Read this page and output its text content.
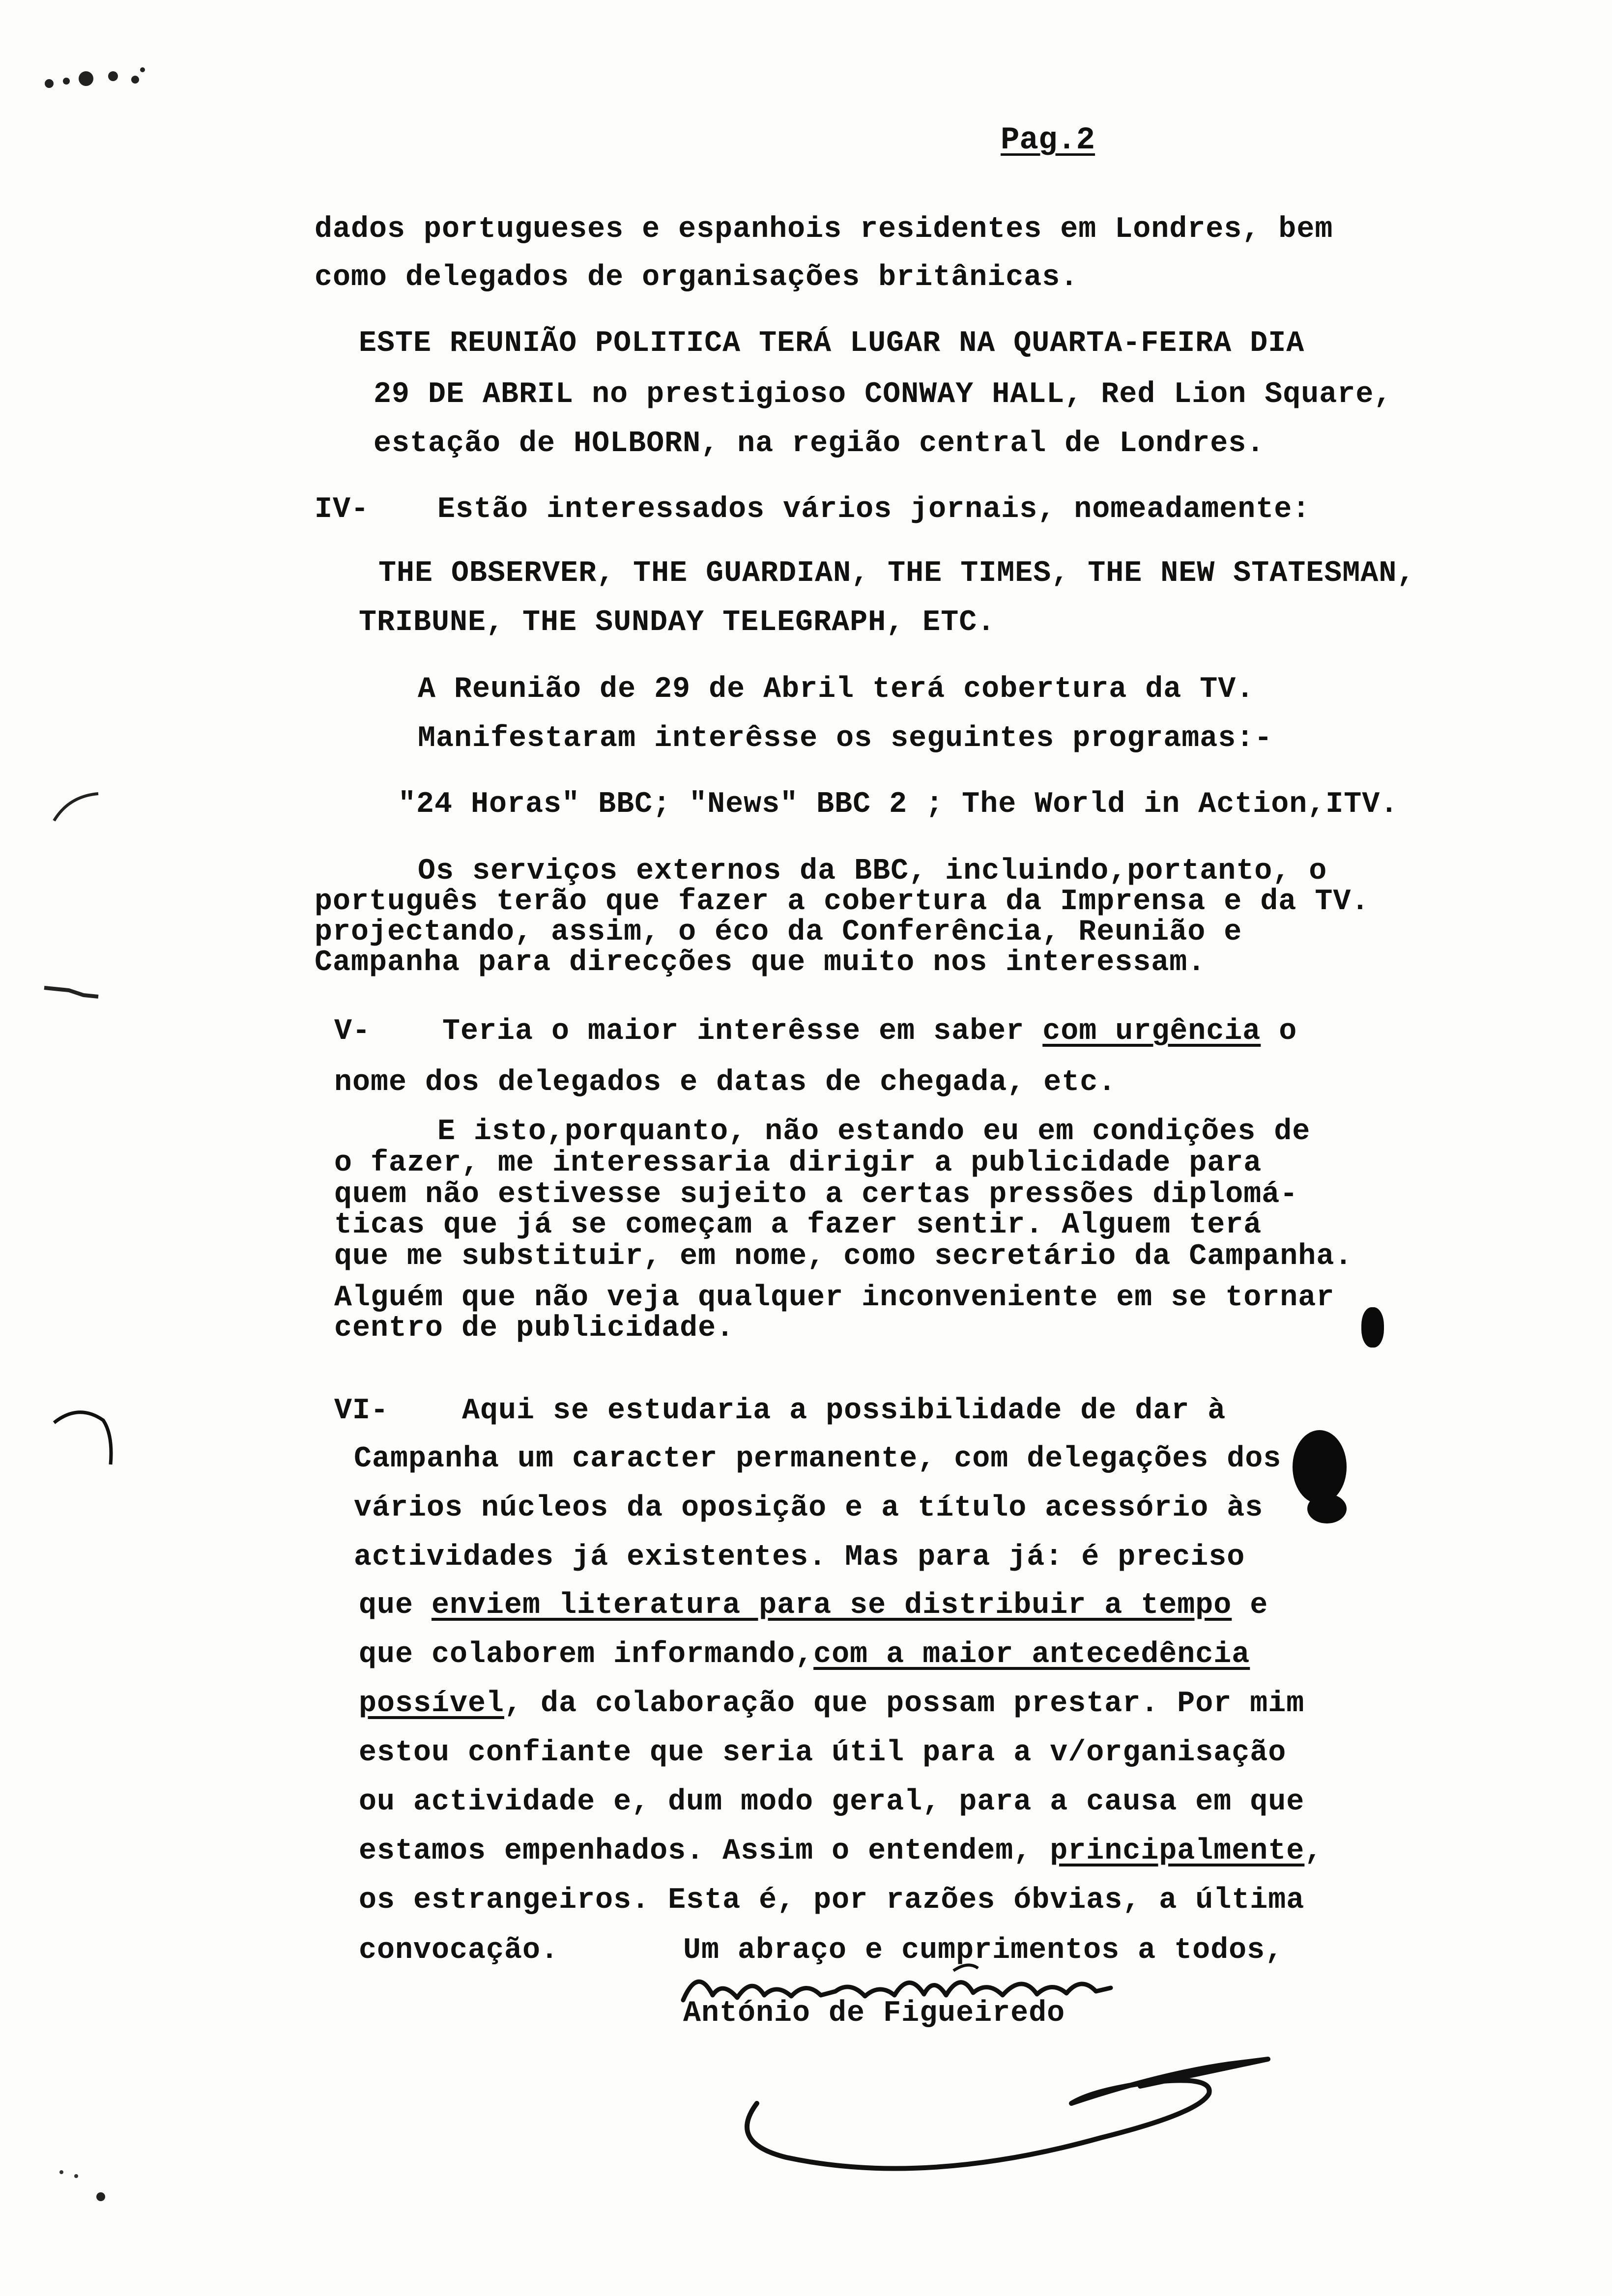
Pag.2
dados portugueses e espanhois residentes em Londres, bem
como delegados de organisações britânicas.
ESTE REUNIÃO POLITICA TERÁ LUGAR NA QUARTA-FEIRA DIA
29 DE ABRIL no prestigioso CONWAY HALL, Red Lion Square,
estação de HOLBORN, na região central de Londres.
IV- Estão interessados vários jornais, nomeadamente:
THE OBSERVER, THE GUARDIAN, THE TIMES, THE NEW STATESMAN,
TRIBUNE, THE SUNDAY TELEGRAPH, ETC.
A Reunião de 29 de Abril terá cobertura da TV.
Manifestaram interêsse os seguintes programas:-
"24 Horas" BBC; "News" BBC 2 ; The World in Action,ITV.
Os serviços externos da BBC, incluindo,portanto, o
português terão que fazer a cobertura da Imprensa e da TV.
projectando, assim, o éco da Conferência, Reunião e
Campanha para direcções que muito nos interessam.
V- Teria o maior interêsse em saber com urgência o
nome dos delegados e datas de chegada, etc.
E isto,porquanto, não estando eu em condições de
o fazer, me interessaria dirigir a publicidade para
quem não estivesse sujeito a certas pressões diplomá-
ticas que já se começam a fazer sentir. Alguem terá
que me substituir, em nome, como secretário da Campanha.
Alguém que não veja qualquer inconveniente em se tornar
centro de publicidade.
VI- Aqui se estudaria a possibilidade de dar à
Campanha um caracter permanente, com delegações dos
vários núcleos da oposição e a título acessório às
actividades já existentes. Mas para já: é preciso
que enviem literatura para se distribuir a tempo e
que colaborem informando,com a maior antecedência
possível, da colaboração que possam prestar. Por mim
estou confiante que seria útil para a v/organisação
ou actividade e, dum modo geral, para a causa em que
estamos empenhados. Assim o entendem, principalmente,
os estrangeiros. Esta é, por razões óbvias, a última
convocação.	Um abraço e cumprimentos a todos,
António de Figueiredo
